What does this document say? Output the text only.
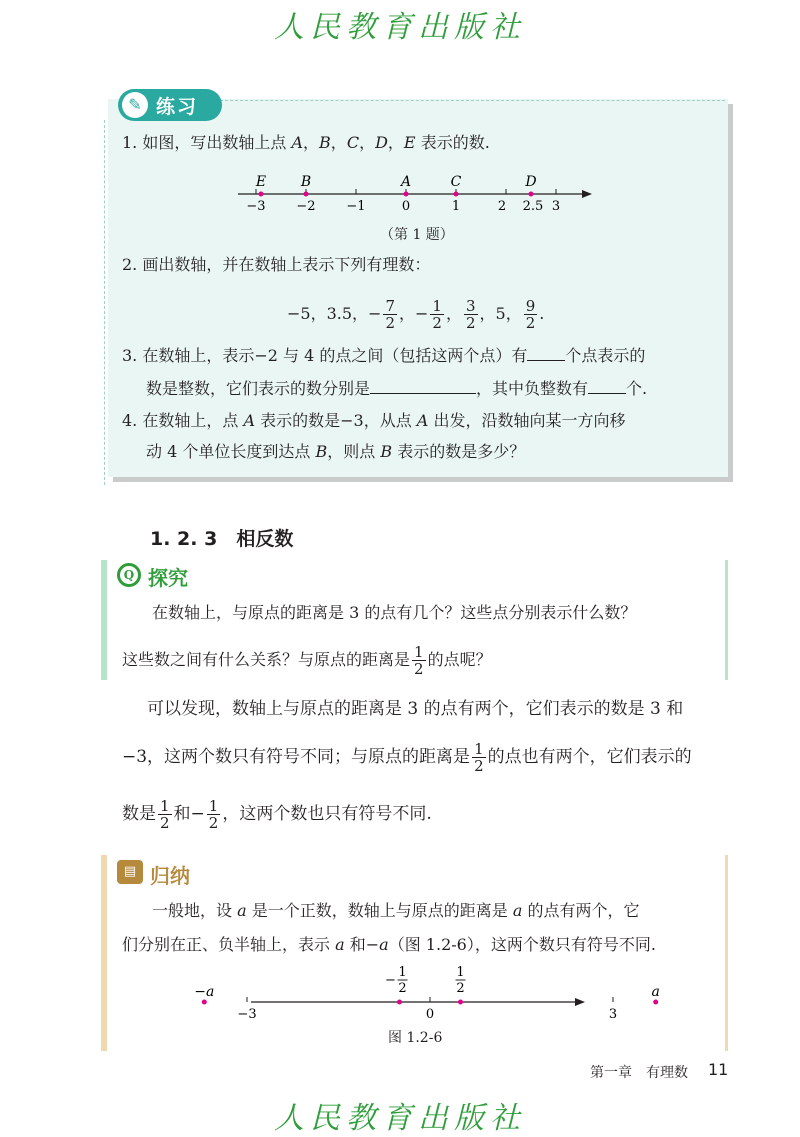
人民教育出版社
✎ 练习
1. 如图，写出数轴上点 A，B，C，D，E 表示的数.
−3 −2 −1	0	1	2 2.5 3
E B	A	C	D
（第 1 题）
2. 画出数轴，并在数轴上表示下列有理数：
−5，3.5，− $\frac{7}{2}$ ，− $\frac{1}{2}$ ， $\frac{3}{2}$ ，5， $\frac{9}{2}$ .
3. 在数轴上，表示−2 与 4 的点之间（包括这两个点）有 个点表示的
数是整数，它们表示的数分别是	，其中负整数有 个.
4. 在数轴上，点 A 表示的数是−3，从点 A 出发，沿数轴向某一方向移
动 4 个单位长度到达点 B，则点 B 表示的数是多少？
1. 2. 3　相反数
Q 探究
在数轴上，与原点的距离是 3 的点有几个？这些点分别表示什么数？
这些数之间有什么关系？与原点的距离是 $\frac{1}{2}$ 的点呢？
可以发现，数轴上与原点的距离是 3 的点有两个，它们表示的数是 3 和
−3，这两个数只有符号不同；与原点的距离是 $\frac{1}{2}$ 的点也有两个，它们表示的
数是 $\frac{1}{2}$ 和− $\frac{1}{2}$ ，这两个数也只有符号不同.
▤ 归纳
一般地，设 a 是一个正数，数轴上与原点的距离是 a 的点有两个，它
们分别在正、负半轴上，表示 a 和−a（图 1.2-6），这两个数只有符号不同.
−3	0	3
−a	a
1
2
−
1
2
图 1.2-6
第一章　有理数 11
人民教育出版社
